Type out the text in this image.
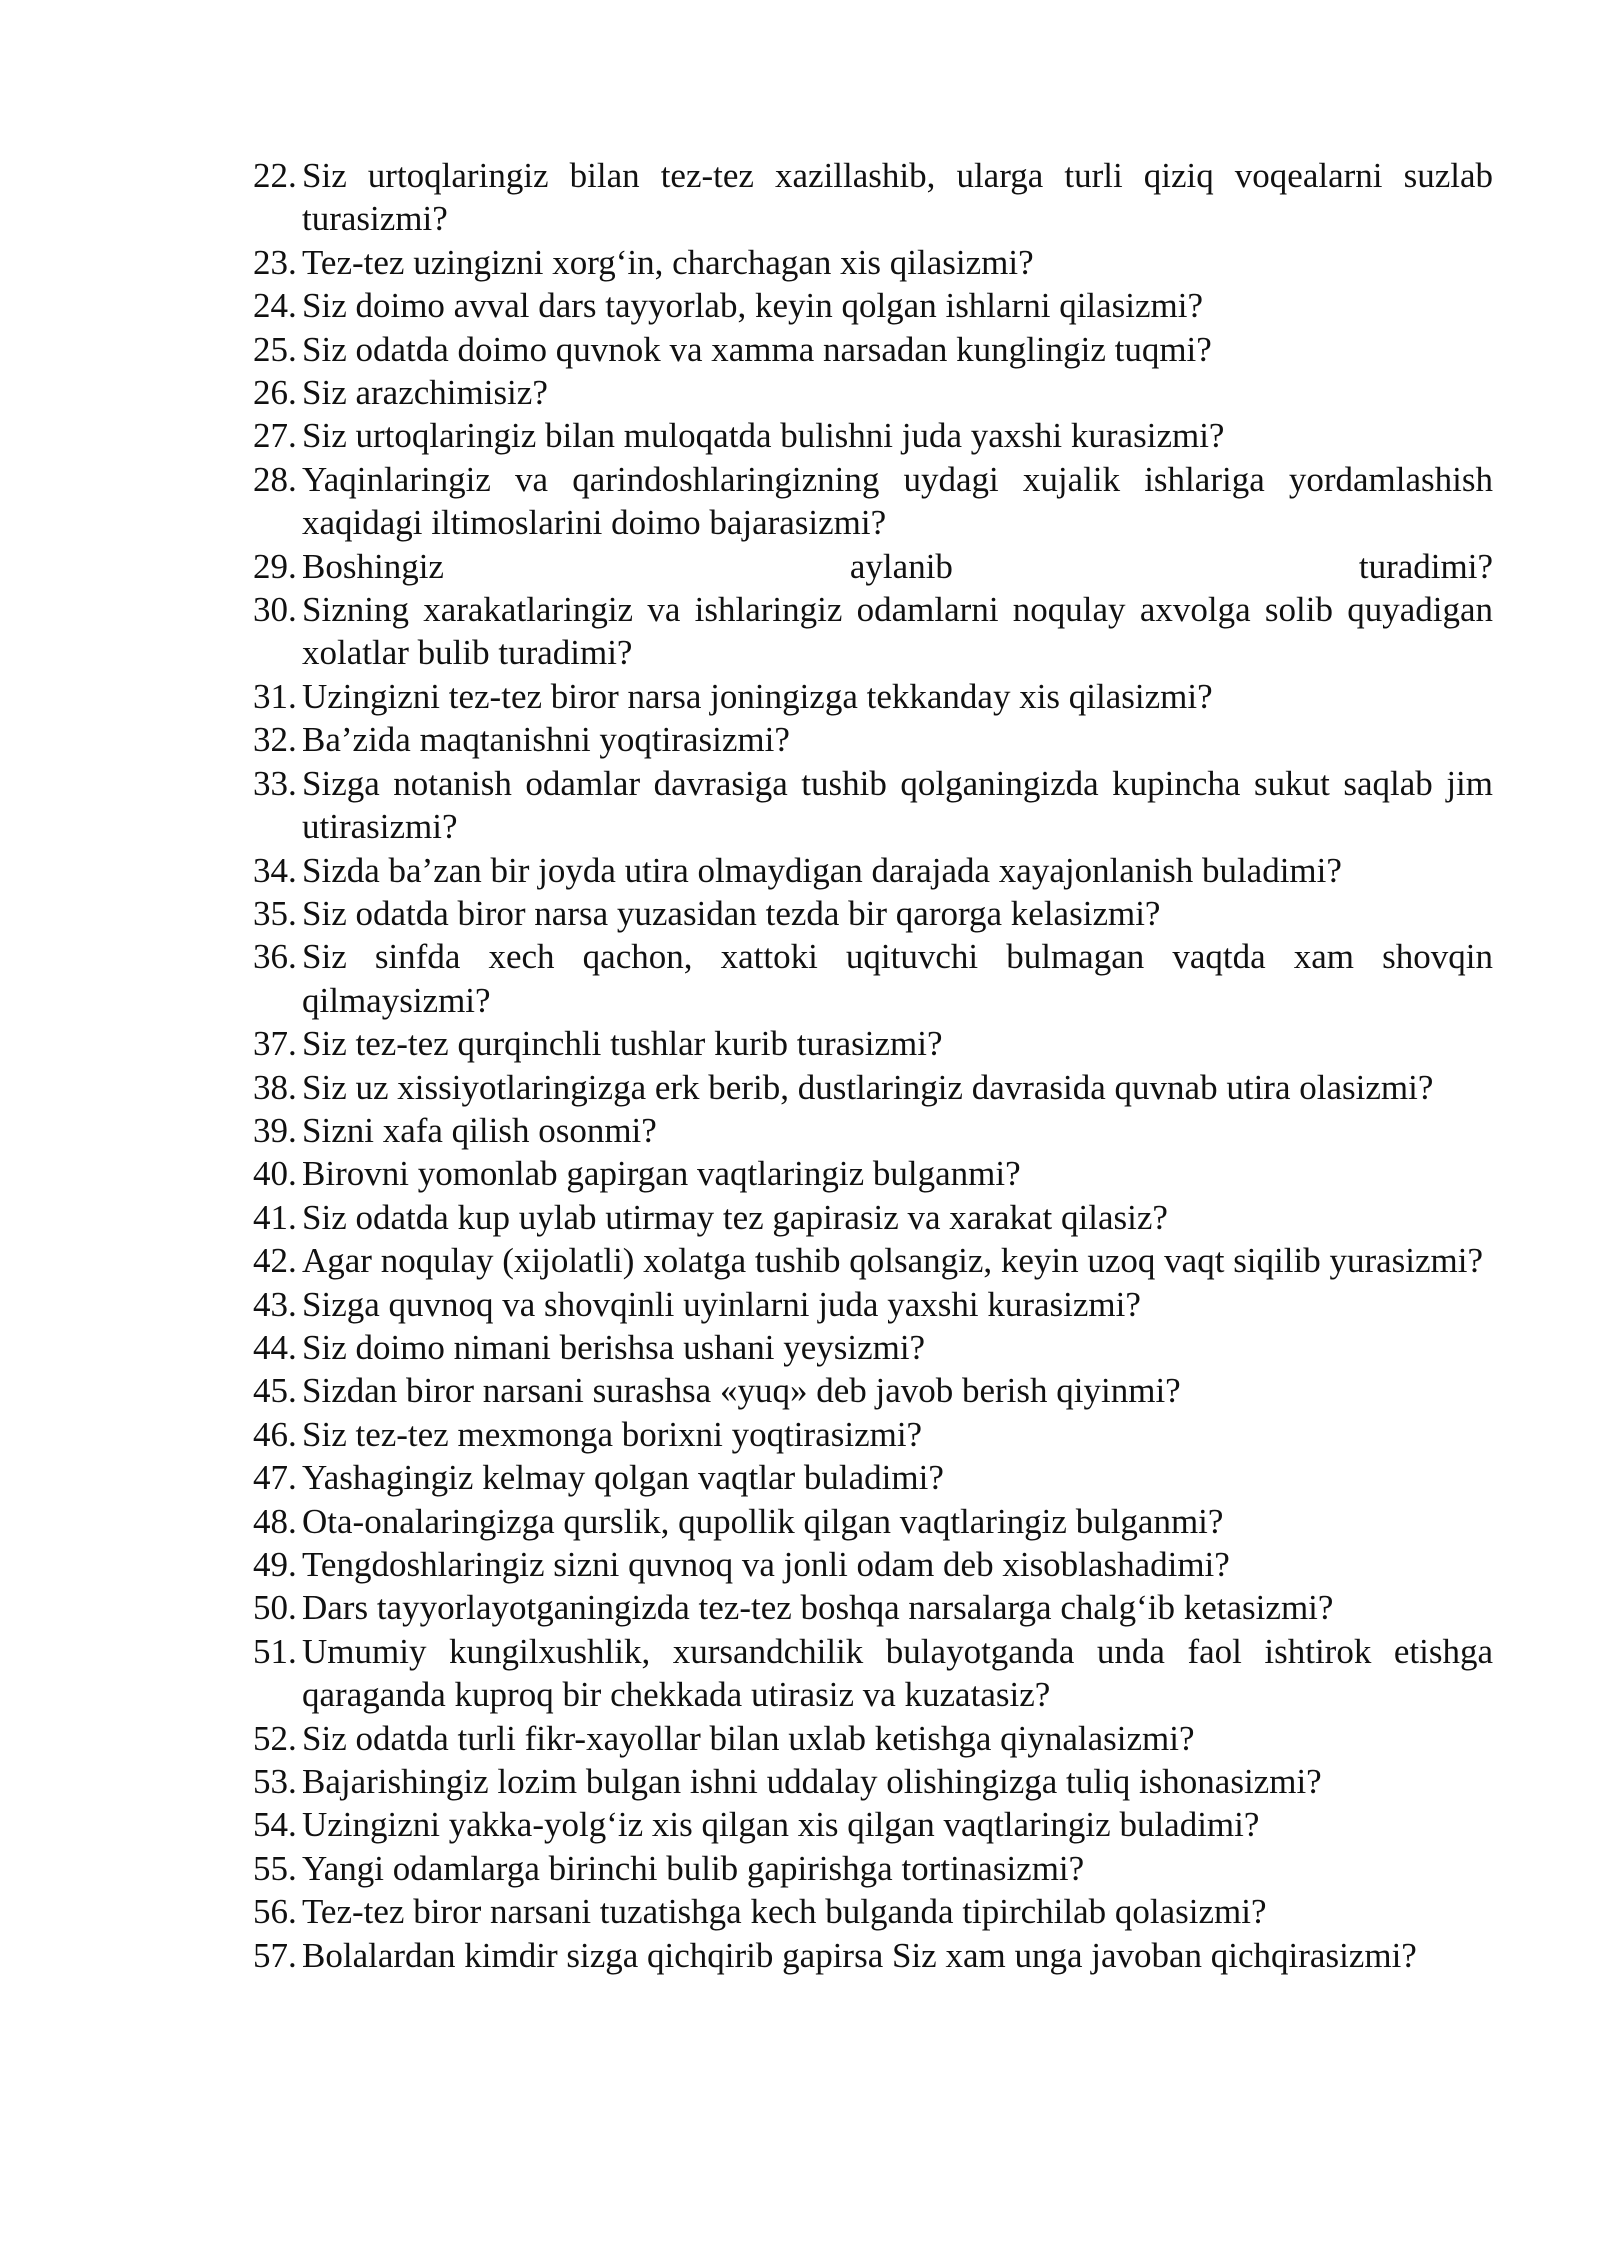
22. Siz urtoqlaringiz bilan tez-tez xazillashib, ularga turli qiziq voqealarni suzlab turasizmi?
23. Tez-tez uzingizni xorg‘in, charchagan xis qilasizmi?
24. Siz doimo avval dars tayyorlab, keyin qolgan ishlarni qilasizmi?
25. Siz odatda doimo quvnok va xamma narsadan kunglingiz tuqmi?
26. Siz arazchimisiz?
27. Siz urtoqlaringiz bilan muloqatda bulishni juda yaxshi kurasizmi?
28. Yaqinlaringiz va qarindoshlaringizning uydagi xujalik ishlariga yordamlashish xaqidagi iltimoslarini doimo bajarasizmi?
29. Boshingiz aylanib turadimi?
30. Sizning xarakatlaringiz va ishlaringiz odamlarni noqulay axvolga solib quyadigan xolatlar bulib turadimi?
31. Uzingizni tez-tez biror narsa joningizga tekkanday xis qilasizmi?
32. Ba’zida maqtanishni yoqtirasizmi?
33. Sizga notanish odamlar davrasiga tushib qolganingizda kupincha sukut saqlab jim utirasizmi?
34. Sizda ba’zan bir joyda utira olmaydigan darajada xayajonlanish buladimi?
35. Siz odatda biror narsa yuzasidan tezda bir qarorga kelasizmi?
36. Siz sinfda xech qachon, xattoki uqituvchi bulmagan vaqtda xam shovqin qilmaysizmi?
37. Siz tez-tez qurqinchli tushlar kurib turasizmi?
38. Siz uz xissiyotlaringizga erk berib, dustlaringiz davrasida quvnab utira olasizmi?
39. Sizni xafa qilish osonmi?
40. Birovni yomonlab gapirgan vaqtlaringiz bulganmi?
41. Siz odatda kup uylab utirmay tez gapirasiz va xarakat qilasiz?
42. Agar noqulay (xijolatli) xolatga tushib qolsangiz, keyin uzoq vaqt siqilib yurasizmi?
43. Sizga quvnoq va shovqinli uyinlarni juda yaxshi kurasizmi?
44. Siz doimo nimani berishsa ushani yeysizmi?
45. Sizdan biror narsani surashsa «yuq» deb javob berish qiyinmi?
46. Siz tez-tez mexmonga borixni yoqtirasizmi?
47. Yashagingiz kelmay qolgan vaqtlar buladimi?
48. Ota-onalaringizga qurslik, qupollik qilgan vaqtlaringiz bulganmi?
49. Tengdoshlaringiz sizni quvnoq va jonli odam deb xisoblashadimi?
50. Dars tayyorlayotganingizda tez-tez boshqa narsalarga chalg‘ib ketasizmi?
51. Umumiy kungilxushlik, xursandchilik bulayotganda unda faol ishtirok etishga qaraganda kuproq bir chekkada utirasiz va kuzatasiz?
52. Siz odatda turli fikr-xayollar bilan uxlab ketishga qiynalasizmi?
53. Bajarishingiz lozim bulgan ishni uddalay olishingizga tuliq ishonasizmi?
54. Uzingizni yakka-yolg‘iz xis qilgan xis qilgan vaqtlaringiz buladimi?
55. Yangi odamlarga birinchi bulib gapirishga tortinasizmi?
56. Tez-tez biror narsani tuzatishga kech bulganda tipirchilab qolasizmi?
57. Bolalardan kimdir sizga qichqirib gapirsa Siz xam unga javoban qichqirasizmi?
